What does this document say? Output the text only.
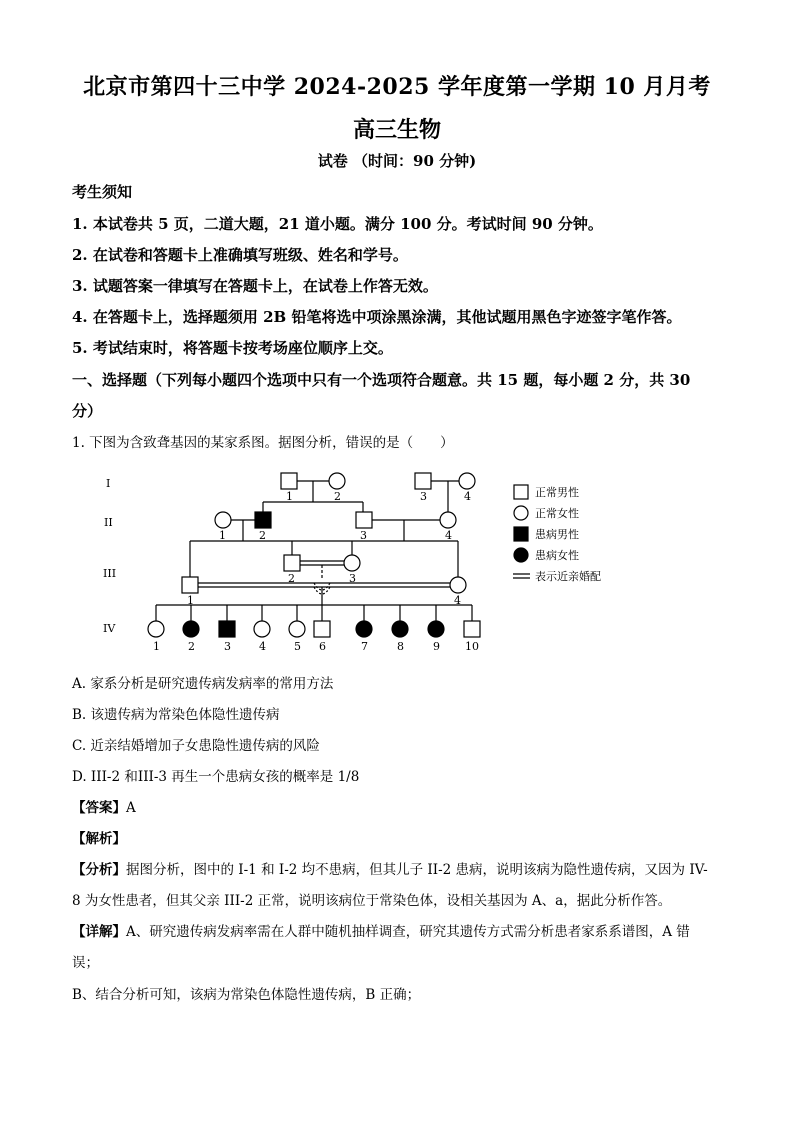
北京市第四十三中学 2024-2025 学年度第一学期 10 月月考
高三生物
试卷 （时间：90 分钟)
考生须知
1. 本试卷共 5 页，二道大题，21 道小题。满分 100 分。考试时间 90 分钟。
2. 在试卷和答题卡上准确填写班级、姓名和学号。
3. 试题答案一律填写在答题卡上，在试卷上作答无效。
4. 在答题卡上，选择题须用 2B 铅笔将选中项涂黑涂满，其他试题用黑色字迹签字笔作答。
5. 考试结束时，将答题卡按考场座位顺序上交。
一、选择题（下列每小题四个选项中只有一个选项符合题意。共 15 题，每小题 2 分，共 30
分）
1. 下图为含致聋基因的某家系图。据图分析，错误的是（　　）
I
II
III
IV
1	2	3	4
1	2	3	4
1
2	3
4
1	2	3	4	5 6	7	8	9 10
正常男性
正常女性
患病男性
患病女性
表示近亲婚配
A. 家系分析是研究遗传病发病率的常用方法
B. 该遗传病为常染色体隐性遗传病
C. 近亲结婚增加子女患隐性遗传病的风险
D. III-2 和III-3 再生一个患病女孩的概率是 1/8
【答案】A
【解析】
【分析】据图分析，图中的 I-1 和 I-2 均不患病，但其儿子 II-2 患病，说明该病为隐性遗传病，又因为 IV-
8 为女性患者，但其父亲 III-2 正常，说明该病位于常染色体，设相关基因为 A、a，据此分析作答。
【详解】A、研究遗传病发病率需在人群中随机抽样调查，研究其遗传方式需分析患者家系系谱图，A 错
误；
B、结合分析可知，该病为常染色体隐性遗传病，B 正确；
